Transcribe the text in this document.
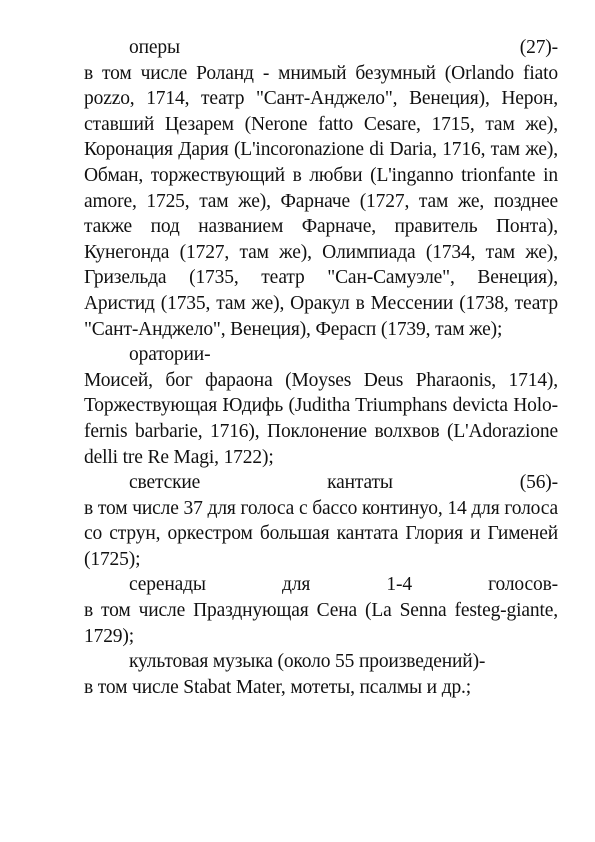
оперы	(27)-

в том числе Роланд - мнимый безумный (Orlando fiato pozzo, 1714, театр "Сант-Анджело", Венеция), Нерон, ставший Цезарем (Nerone fatto Cesare, 1715, там же), Коронация Дария (L'incoronazione di Daria, 1716, там же), Обман, торжествующий в любви (L'inganno trionfante in amore, 1725, там же), Фарначе (1727, там же, позднее также под названием Фарначе, правитель Понта), Кунегонда (1727, там же), Олимпиада (1734, там же), Гризельда (1735, театр "Сан-Самуэле", Венеция), Аристид (1735, там же), Оракул в Мессении (1738, театр "Сант-Анджело", Венеция), Ферасп (1739, там же);

оратории-

Моисей, бог фараона (Moyses Deus Pharaonis, 1714), Торжествующая Юдифь (Juditha Triumphans devicta Holo-fernis barbarie, 1716), Поклонение волхвов (L'Adorazione delli tre Re Magi, 1722);

светские	кантаты	(56)-

в том числе 37 для голоса с бассо континуо, 14 для голоса со струн, оркестром большая кантата Глория и Гименей (1725);

серенады	для	1-4	голосов-

в том числе Празднующая Сена (La Senna festeg-giante, 1729);

культовая музыка (около 55 произведений)-

в том числе Stabat Mater, мотеты, псалмы и др.;
